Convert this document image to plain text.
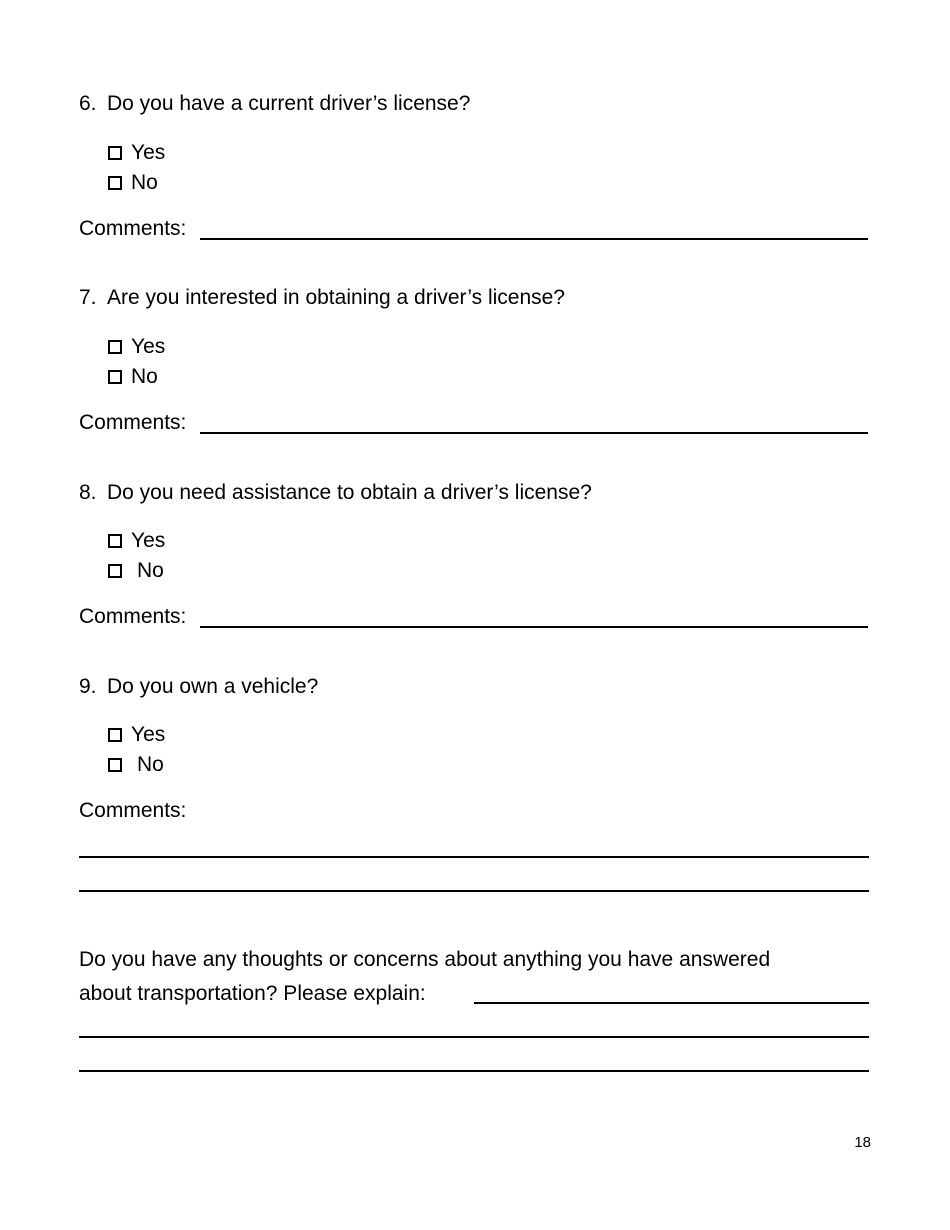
6. Do you have a current driver’s license?
Yes
No
Comments:
7. Are you interested in obtaining a driver’s license?
Yes
No
Comments:
8. Do you need assistance to obtain a driver’s license?
Yes
No
Comments:
9. Do you own a vehicle?
Yes
No
Comments:
Do you have any thoughts or concerns about anything you have answered
about transportation? Please explain:
18
